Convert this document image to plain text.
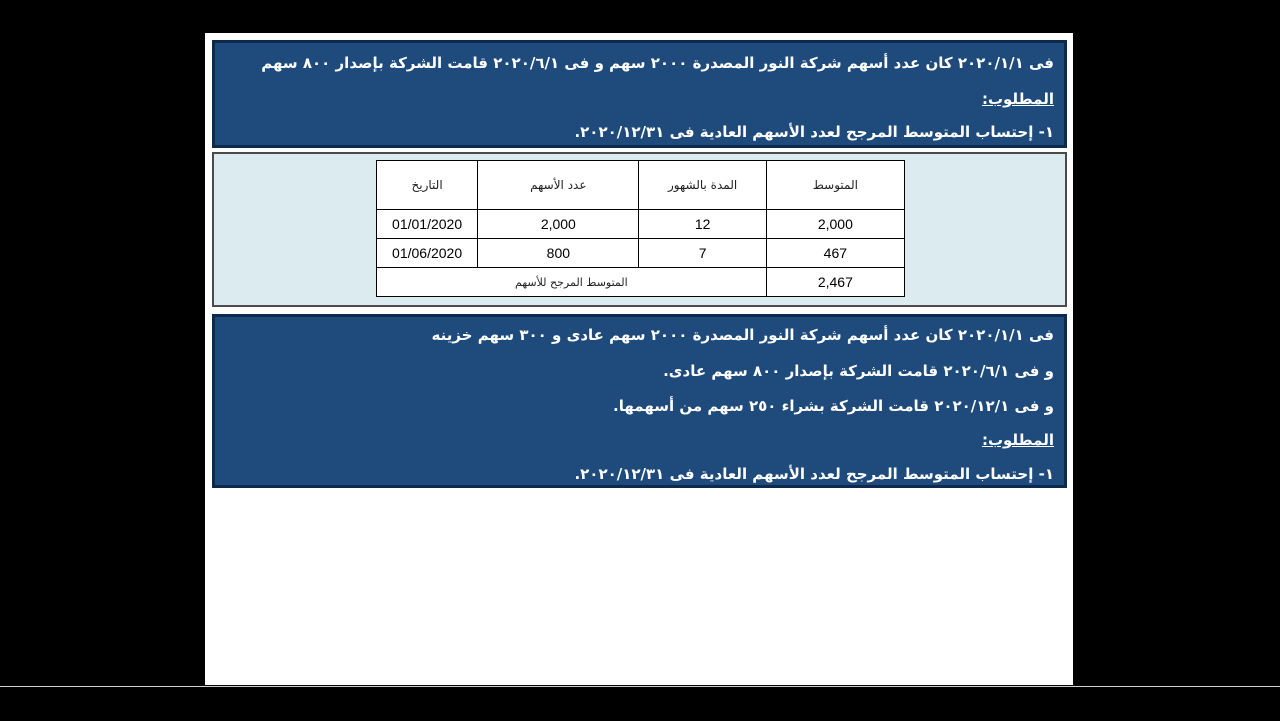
فى ٢٠٢٠/١/١ كان عدد أسهم شركة النور المصدرة ٢٠٠٠ سهم و فى ٢٠٢٠/٦/١ قامت الشركة بإصدار ٨٠٠ سهم
المطلوب:
١- إحتساب المتوسط المرجح لعدد الأسهم العادية فى ٢٠٢٠/١٢/٣١.
التاريخ	عدد الأسهم	المدة بالشهور	المتوسط
01/01/2020	2,000	12	2,000
01/06/2020	800	7	467
المتوسط المرجح للأسهم			2,467
فى ٢٠٢٠/١/١ كان عدد أسهم شركة النور المصدرة ٢٠٠٠ سهم عادى و ٣٠٠ سهم خزينه
و فى ٢٠٢٠/٦/١ قامت الشركة بإصدار ٨٠٠ سهم عادى.
و فى ٢٠٢٠/١٢/١ قامت الشركة بشراء ٢٥٠ سهم من أسهمها.
المطلوب:
١- إحتساب المتوسط المرجح لعدد الأسهم العادية فى ٢٠٢٠/١٢/٣١.
